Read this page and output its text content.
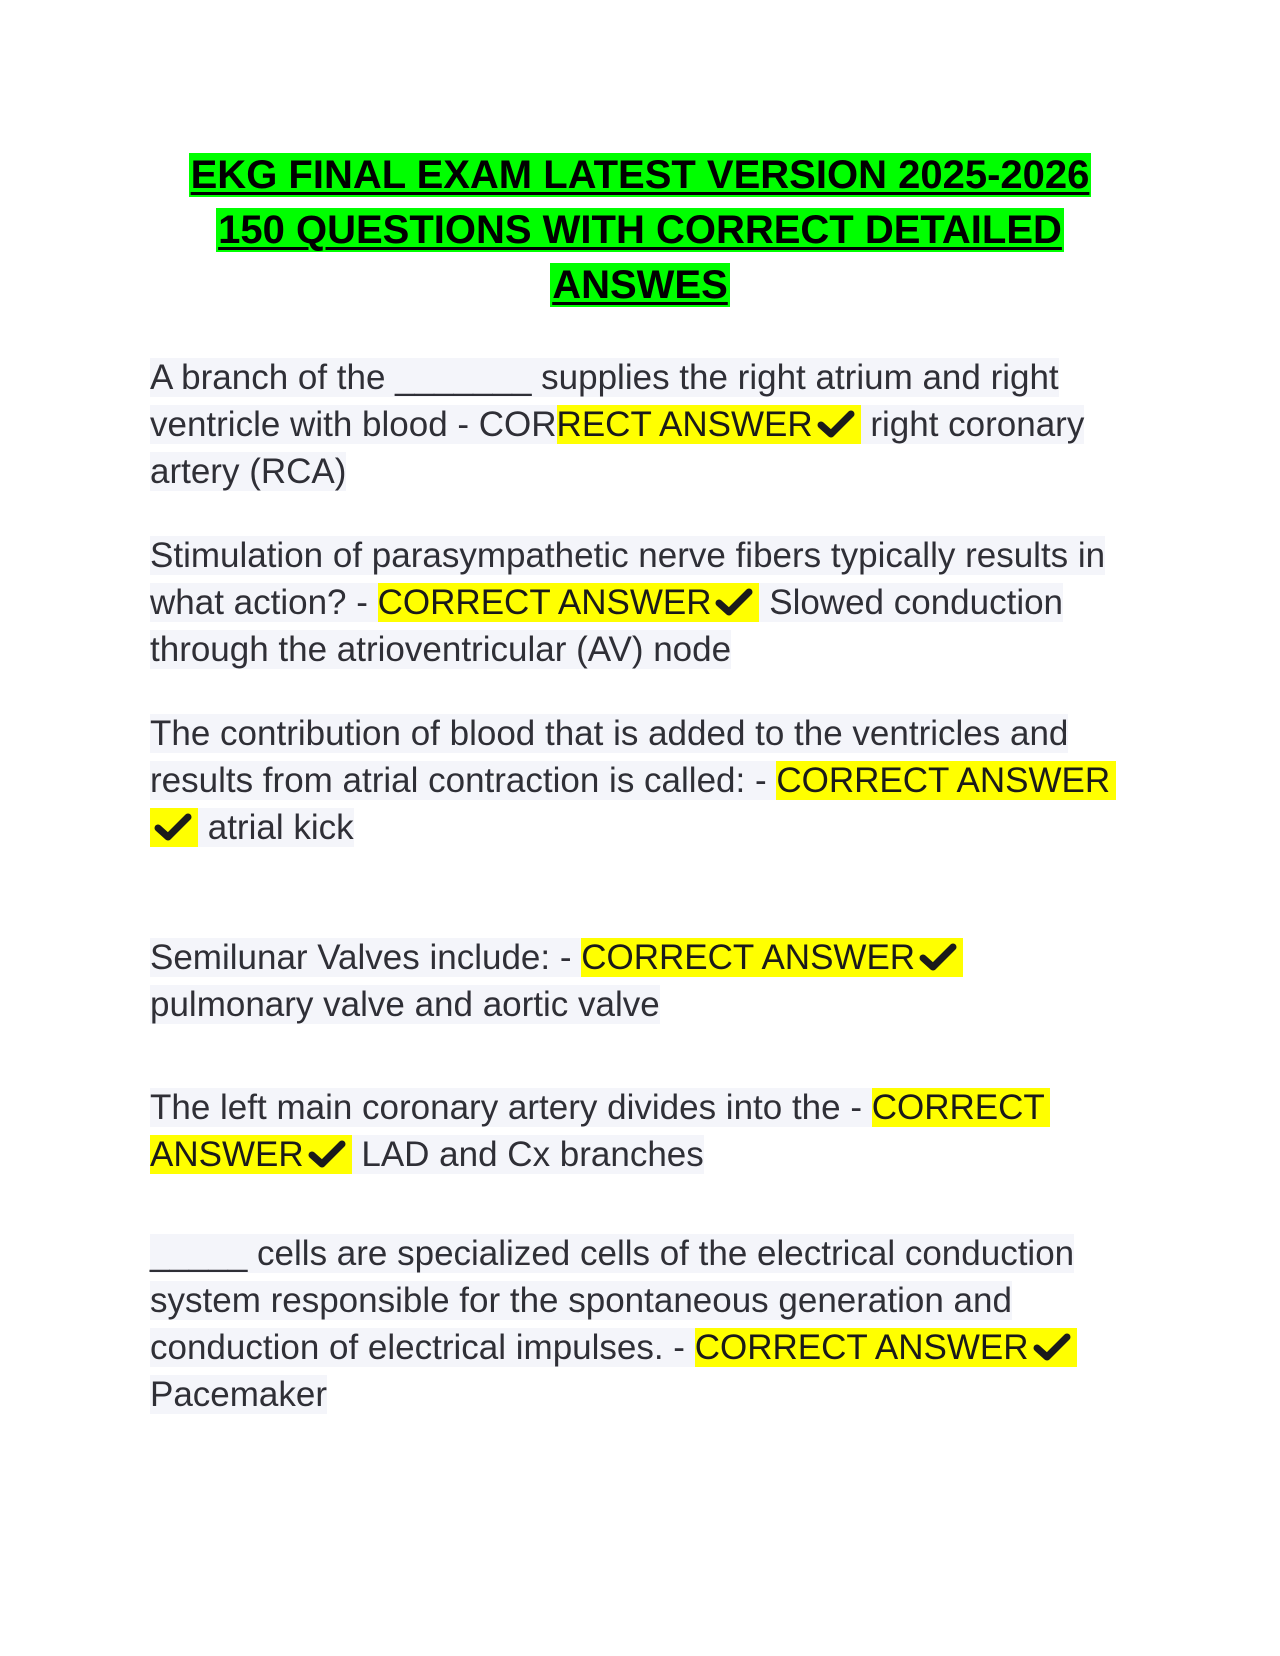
EKG FINAL EXAM LATEST VERSION 2025-2026
150 QUESTIONS WITH CORRECT DETAILED
ANSWES
A branch of the _______ supplies the right atrium and right ventricle with blood - CORRECT ANSWER right coronary artery (RCA)
Stimulation of parasympathetic nerve fibers typically results in what action? - CORRECT ANSWER Slowed conduction through the atrioventricular (AV) node
The contribution of blood that is added to the ventricles and results from atrial contraction is called: - CORRECT ANSWER
atrial kick
Semilunar Valves include: - CORRECT ANSWER

pulmonary valve and aortic valve
The left main coronary artery divides into the - CORRECT ANSWER LAD and Cx branches
_____ cells are specialized cells of the electrical conduction system responsible for the spontaneous generation and conduction of electrical impulses. - CORRECT ANSWER
Pacemaker
